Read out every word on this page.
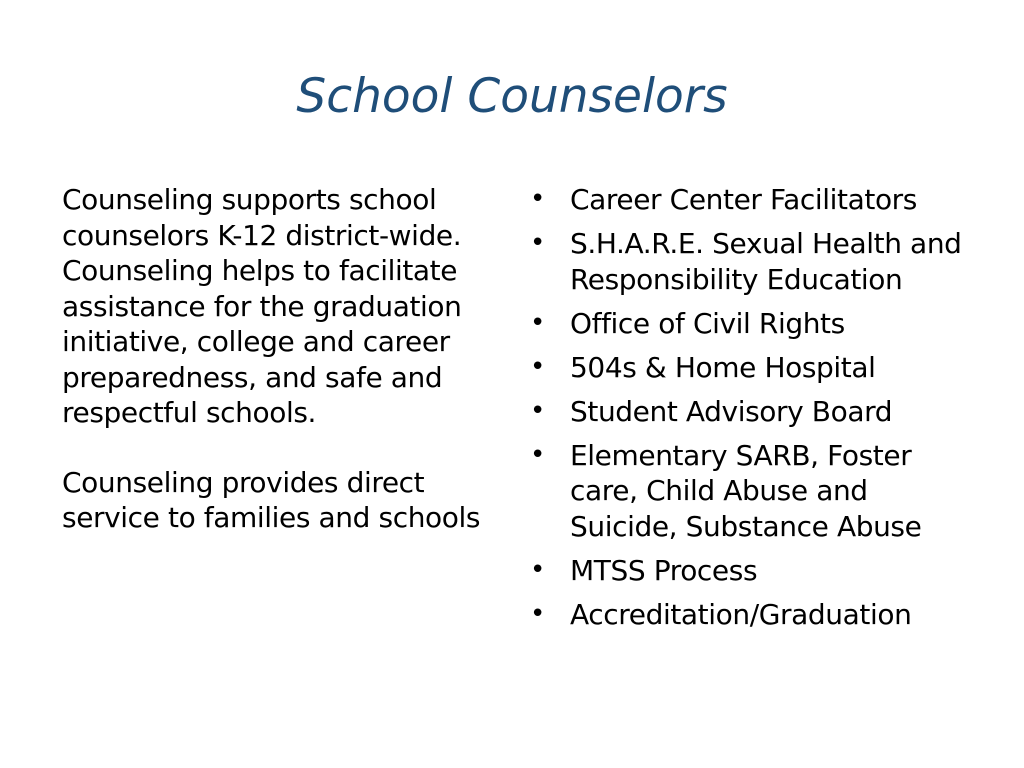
School Counselors

Counseling supports school counselors K-12 district-wide. Counseling helps to facilitate assistance for the graduation initiative, college and career preparedness, and safe and respectful schools.

Counseling provides direct service to families and schools

• Career Center Facilitators
• S.H.A.R.E. Sexual Health and Responsibility Education
• Office of Civil Rights
• 504s & Home Hospital
• Student Advisory Board
• Elementary SARB, Foster care, Child Abuse and Suicide, Substance Abuse
• MTSS Process
• Accreditation/Graduation
